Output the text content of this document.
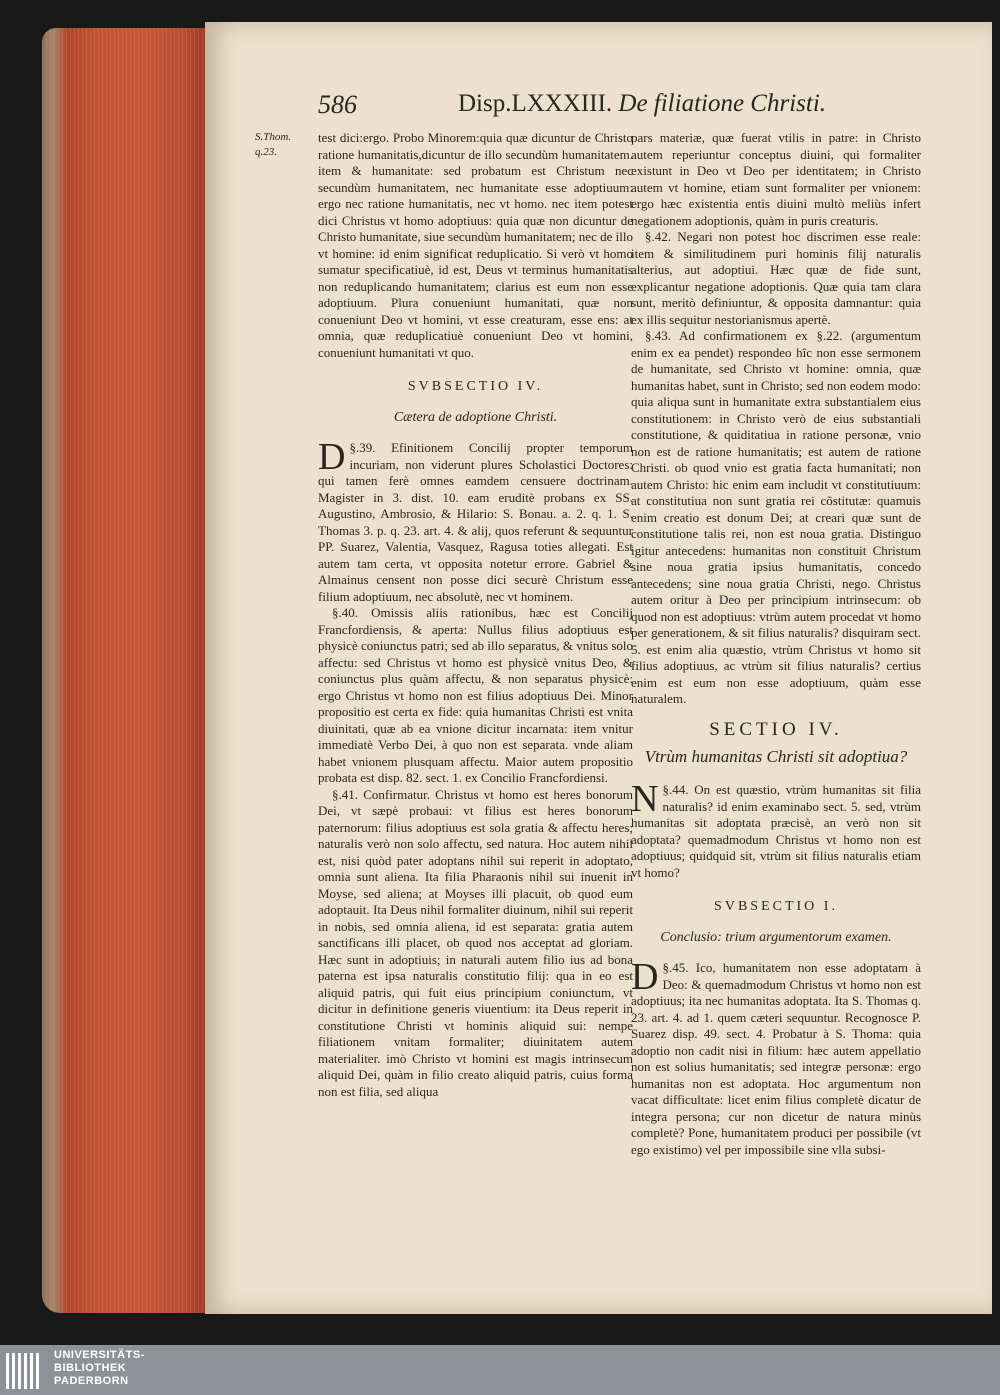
586	Disp.LXXXIII. De filiatione Christi.
S.Thom.
q.23.

test dici:ergo. Probo Minorem:quia quæ dicuntur de Christo ratione humanitatis,dicuntur de illo secundùm humanitatem. item & humanitate: sed probatum est Christum nec secundùm humanitatem, nec humanitate esse adoptiuum: ergo nec ratione humanitatis, nec vt homo. nec item potest dici Christus vt homo adoptiuus: quia quæ non dicuntur de Christo humanitate, siue secundùm humanitatem; nec de illo vt homine: id enim significat reduplicatio. Si verò vt homo sumatur specificatiuè, id est, Deus vt terminus humanitatis non reduplicando humanitatem; clarius est eum non esse adoptiuum. Plura conueniunt humanitati, quæ non conueniunt Deo vt homini, vt esse creaturam, esse ens: at omnia, quæ reduplicatiuè conueniunt Deo vt homini, conueniunt humanitati vt quo.

SVBSECTIO IV.
Cætera de adoptione Christi.

§.39.
D	Efinitionem Concilij propter temporum incuriam, non viderunt plures Scholastici Doctores: qui tamen ferè omnes eamdem censuere doctrinam. Magister in 3. dist. 10. eam eruditè probans ex SS. Augustino, Ambrosio, & Hilario: S. Bonau. a. 2. q. 1. S. Thomas 3. p. q. 23. art. 4. & alij, quos referunt & sequuntur PP. Suarez, Valentia, Vasquez, Ragusa toties allegati. Est autem tam certa, vt opposita notetur errore. Gabriel & Almainus censent non posse dici securè Christum esse filium adoptiuum, nec absolutè, nec vt hominem.

§.40. Omissis aliis rationibus, hæc est Concilij Francfordiensis, & aperta: Nullus filius adoptiuus est physicè coniunctus patri; sed ab illo separatus, & vnitus solo affectu: sed Christus vt homo est physicè vnitus Deo, & coniunctus plus quàm affectu, & non separatus physicè: ergo Christus vt homo non est filius adoptiuus Dei. Minor propositio est certa ex fide: quia humanitas Christi est vnita diuinitati, quæ ab ea vnione dicitur incarnata: item vnitur immediatè Verbo Dei, à quo non est separata. vnde aliam habet vnionem plusquam affectu. Maior autem propositio probata est disp. 82. sect. 1. ex Concilio Francfordiensi.

§.41. Confirmatur. Christus vt homo est heres bonorum Dei, vt sæpè probaui: vt filius est heres bonorum paternorum: filius adoptiuus est sola gratia & affectu heres; naturalis verò non solo affectu, sed natura. Hoc autem nihil est, nisi quòd pater adoptans nihil sui reperit in adoptato, omnia sunt aliena. Ita filia Pharaonis nihil sui inuenit in Moyse, sed aliena; at Moyses illi placuit, ob quod eum adoptauit. Ita Deus nihil formaliter diuinum, nihil sui reperit in nobis, sed omnia aliena, id est separata: gratia autem sanctificans illi placet, ob quod nos acceptat ad gloriam. Hæc sunt in adoptiuis; in naturali autem filio ius ad bona paterna est ipsa naturalis constitutio filij: qua in eo est aliquid patris, qui fuit eius principium coniunctum, vt dicitur in definitione generis viuentium: ita Deus reperit in constitutione Christi vt hominis aliquid sui: nempe filiationem vnitam formaliter; diuinitatem autem materialiter. imò Christo vt homini est magis intrinsecum aliquid Dei, quàm in filio creato aliquid patris, cuius forma non est filia, sed aliqua

pars materiæ, quæ fuerat vtilis in patre: in Christo autem reperiuntur conceptus diuini, qui formaliter existunt in Deo vt Deo per identitatem; in Christo autem vt homine, etiam sunt formaliter per vnionem: ergo hæc existentia entis diuini multò meliùs infert negationem adoptionis, quàm in puris creaturis.

§.42. Negari non potest hoc discrimen esse reale: item & similitudinem puri hominis filij naturalis alterius, aut adoptiui. Hæc quæ de fide sunt, explicantur negatione adoptionis. Quæ quia tam clara sunt, meritò definiuntur, & opposita damnantur: quia ex illis sequitur nestorianismus apertè.

§.43. Ad confirmationem ex §.22. (argumentum enim ex ea pendet) respondeo hîc non esse sermonem de humanitate, sed Christo vt homine: omnia, quæ humanitas habet, sunt in Christo; sed non eodem modo: quia aliqua sunt in humanitate extra substantialem eius constitutionem: in Christo verò de eius substantiali constitutione, & quiditatiua in ratione personæ, vnio non est de ratione humanitatis; est autem de ratione Christi. ob quod vnio est gratia facta humanitati; non autem Christo: hic enim eam includit vt constitutiuum: at constitutiua non sunt gratia rei cõstitutæ: quamuis enim creatio est donum Dei; at creari quæ sunt de constitutione talis rei, non est noua gratia. Distinguo igitur antecedens: humanitas non constituit Christum sine noua gratia ipsius humanitatis, concedo antecedens; sine noua gratia Christi, nego. Christus autem oritur à Deo per principium intrinsecum: ob quod non est adoptiuus: vtrùm autem procedat vt homo per generationem, & sit filius naturalis? disquiram sect. 5. est enim alia quæstio, vtrùm Christus vt homo sit filius adoptiuus, ac vtrùm sit filius naturalis? certius enim est eum non esse adoptiuum, quàm esse naturalem.

SECTIO IV.
Vtrùm humanitas Christi sit adoptiua?

§.44.
N	On est quæstio, vtrùm humanitas sit filia naturalis? id enim examinabo sect. 5. sed, vtrùm humanitas sit adoptata præcisè, an verò non sit adoptata? quemadmodum Christus vt homo non est adoptiuus; quidquid sit, vtrùm sit filius naturalis etiam vt homo?

SVBSECTIO I.
Conclusio: trium argumentorum examen.

§.45.
D	Ico, humanitatem non esse adoptatam à Deo: & quemadmodum Christus vt homo non est adoptiuus; ita nec humanitas adoptata. Ita S. Thomas q. 23. art. 4. ad 1. quem cæteri sequuntur. Recognosce P. Suarez disp. 49. sect. 4. Probatur à S. Thoma: quia adoptio non cadit nisi in filium: hæc autem appellatio non est solius humanitatis; sed integræ personæ: ergo humanitas non est adoptata. Hoc argumentum non vacat difficultate: licet enim filius completè dicatur de integra persona; cur non dicetur de natura minùs completè? Pone, humanitatem produci per possibile (vt ego existimo) vel per impossibile sine vlla subsi-

UNIVERSITÄTS-
BIBLIOTHEK
PADERBORN
